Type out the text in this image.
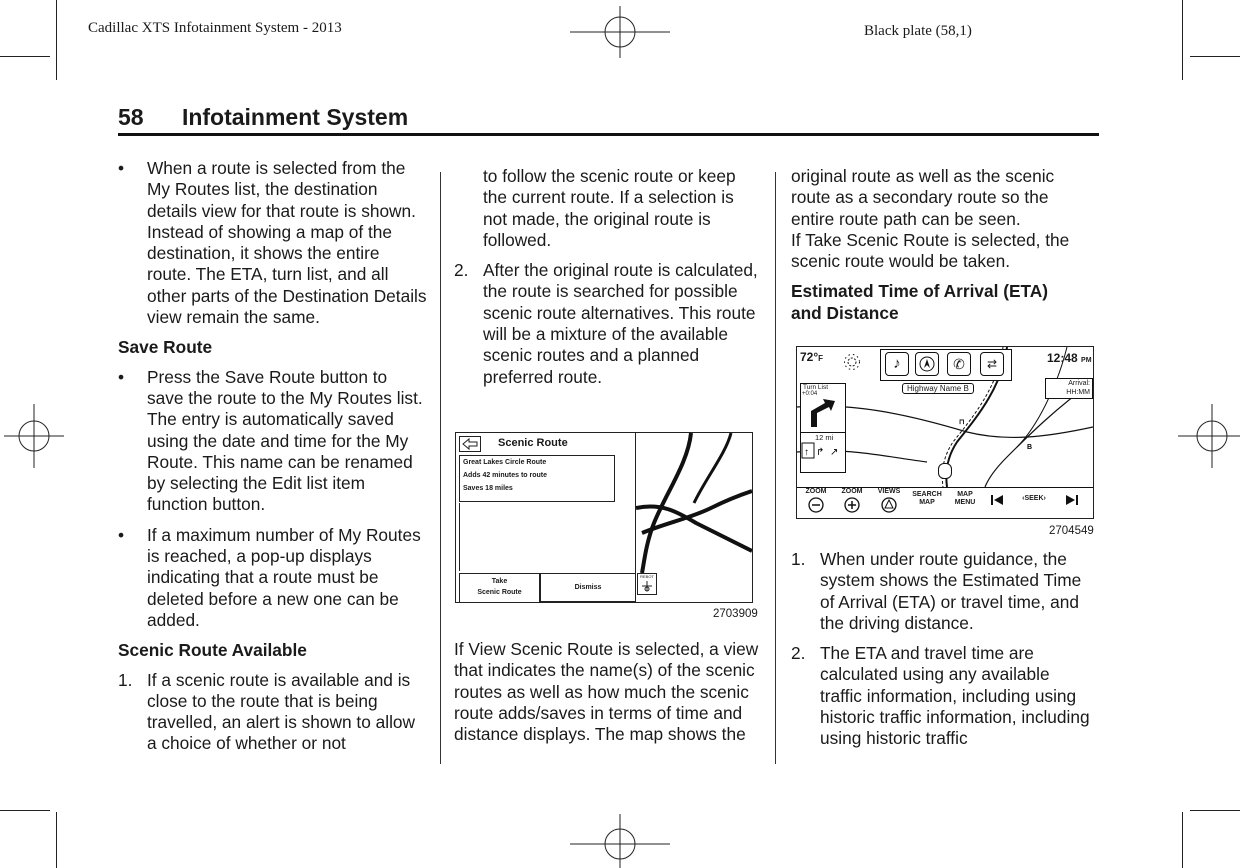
Cadillac XTS Infotainment System - 2013	Black plate (58,1)
58 Infotainment System
• When a route is selected from the My Routes list, the destination details view for that route is shown. Instead of showing a map of the destination, it shows the entire route. The ETA, turn list, and all other parts of the Destination Details view remain the same.

Save Route
• Press the Save Route button to save the route to the My Routes list. The entry is automatically saved using the date and time for the My Route. This name can be renamed by selecting the Edit list item function button.

• If a maximum number of My Routes is reached, a pop-up displays indicating that a route must be deleted before a new one can be added.

Scenic Route Available
1. If a scenic route is available and is close to the route that is being travelled, an alert is shown to allow a choice of whether or not

to follow the scenic route or keep the current route. If a selection is not made, the original route is followed.

2. After the original route is calculated, the route is searched for possible scenic route alternatives. This route will be a mixture of the available scenic routes and a planned preferred route.

Scenic Route
Great Lakes Circle Route
Adds 42 minutes to route
Saves 18 miles
Take
Scenic Route
Dismiss
REBOT
2703909

If View Scenic Route is selected, a view that indicates the name(s) of the scenic routes as well as how much the scenic route adds/saves in terms of time and distance displays. The map shows the

original route as well as the scenic route as a secondary route so the entire route path can be seen.

If Take Scenic Route is selected, the scenic route would be taken.

Estimated Time of Arrival (ETA) and Distance
B
⊓
72°F	♪	✆	⇄	12:48 PM
Highway Name B
Arrival:
HH:MM
Turn List
+0:04
12 mi
↑ ↱ ↗
ZOOM	ZOOM	VIEWS	SEARCH MAP
MAP MENU
‹SEEK›
2704549
1. When under route guidance, the system shows the Estimated Time of Arrival (ETA) or travel time, and the driving distance.

2. The ETA and travel time are calculated using any available traffic information, including using historic traffic information, including using historic traffic
